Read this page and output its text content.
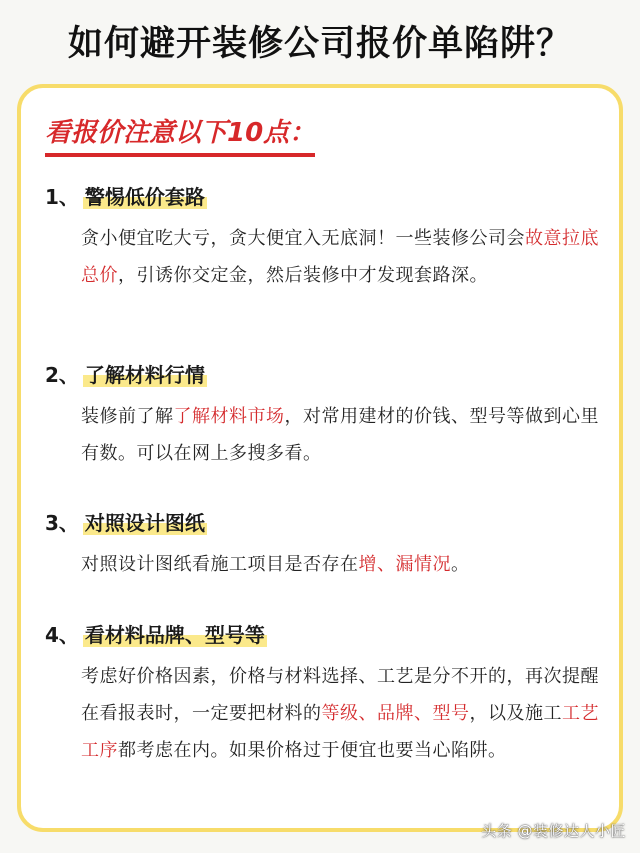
如何避开装修公司报价单陷阱？
看报价注意以下10点：
1、 警惕低价套路
贪小便宜吃大亏，贪大便宜入无底洞！一些装修公司会故意拉底总价，引诱你交定金，然后装修中才发现套路深。
2、 了解材料行情
装修前了解了解材料市场，对常用建材的价钱、型号等做到心里有数。可以在网上多搜多看。
3、 对照设计图纸
对照设计图纸看施工项目是否存在增、漏情况。
4、 看材料品牌、型号等
考虑好价格因素，价格与材料选择、工艺是分不开的，再次提醒在看报表时，一定要把材料的等级、品牌、型号，以及施工工艺工序都考虑在内。如果价格过于便宜也要当心陷阱。
头条 @装修达人小匠
